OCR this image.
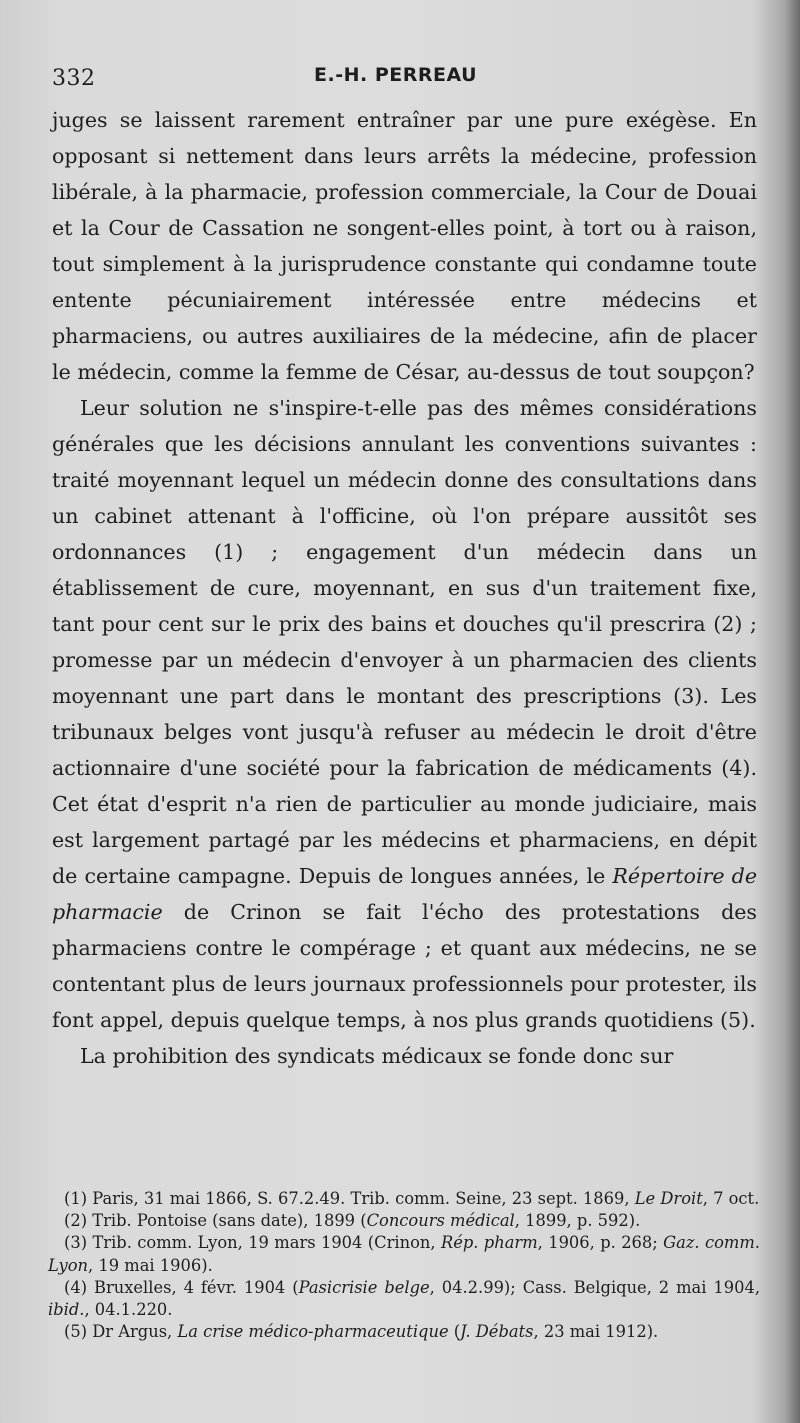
332	E.-H. PERREAU

juges se laissent rarement entraîner par une pure exégèse. En opposant si nettement dans leurs arrêts la médecine, profession libérale, à la pharmacie, profession commerciale, la Cour de Douai et la Cour de Cassation ne songent-elles point, à tort ou à raison, tout simplement à la jurisprudence constante qui condamne toute entente pécuniairement intéressée entre médecins et pharmaciens, ou autres auxiliaires de la médecine, afin de placer le médecin, comme la femme de César, au-dessus de tout soupçon?

Leur solution ne s'inspire-t-elle pas des mêmes considérations générales que les décisions annulant les conventions suivantes : traité moyennant lequel un médecin donne des consultations dans un cabinet attenant à l'officine, où l'on prépare aussitôt ses ordonnances (1) ; engagement d'un médecin dans un établissement de cure, moyennant, en sus d'un traitement fixe, tant pour cent sur le prix des bains et douches qu'il prescrira (2) ; promesse par un médecin d'envoyer à un pharmacien des clients moyennant une part dans le montant des prescriptions (3). Les tribunaux belges vont jusqu'à refuser au médecin le droit d'être actionnaire d'une société pour la fabrication de médicaments (4). Cet état d'esprit n'a rien de particulier au monde judiciaire, mais est largement partagé par les médecins et pharmaciens, en dépit de certaine campagne. Depuis de longues années, le Répertoire de pharmacie de Crinon se fait l'écho des protestations des pharmaciens contre le compérage ; et quant aux médecins, ne se contentant plus de leurs journaux professionnels pour protester, ils font appel, depuis quelque temps, à nos plus grands quotidiens (5).

La prohibition des syndicats médicaux se fonde donc sur

(1) Paris, 31 mai 1866, S. 67.2.49. Trib. comm. Seine, 23 sept. 1869, Le Droit, 7 oct.

(2) Trib. Pontoise (sans date), 1899 (Concours médical, 1899, p. 592).

(3) Trib. comm. Lyon, 19 mars 1904 (Crinon, Rép. pharm, 1906, p. 268; Gaz. comm. Lyon, 19 mai 1906).

(4) Bruxelles, 4 févr. 1904 (Pasicrisie belge, 04.2.99); Cass. Belgique, 2 mai 1904, ibid., 04.1.220.

(5) Dr Argus, La crise médico-pharmaceutique (J. Débats, 23 mai 1912).
